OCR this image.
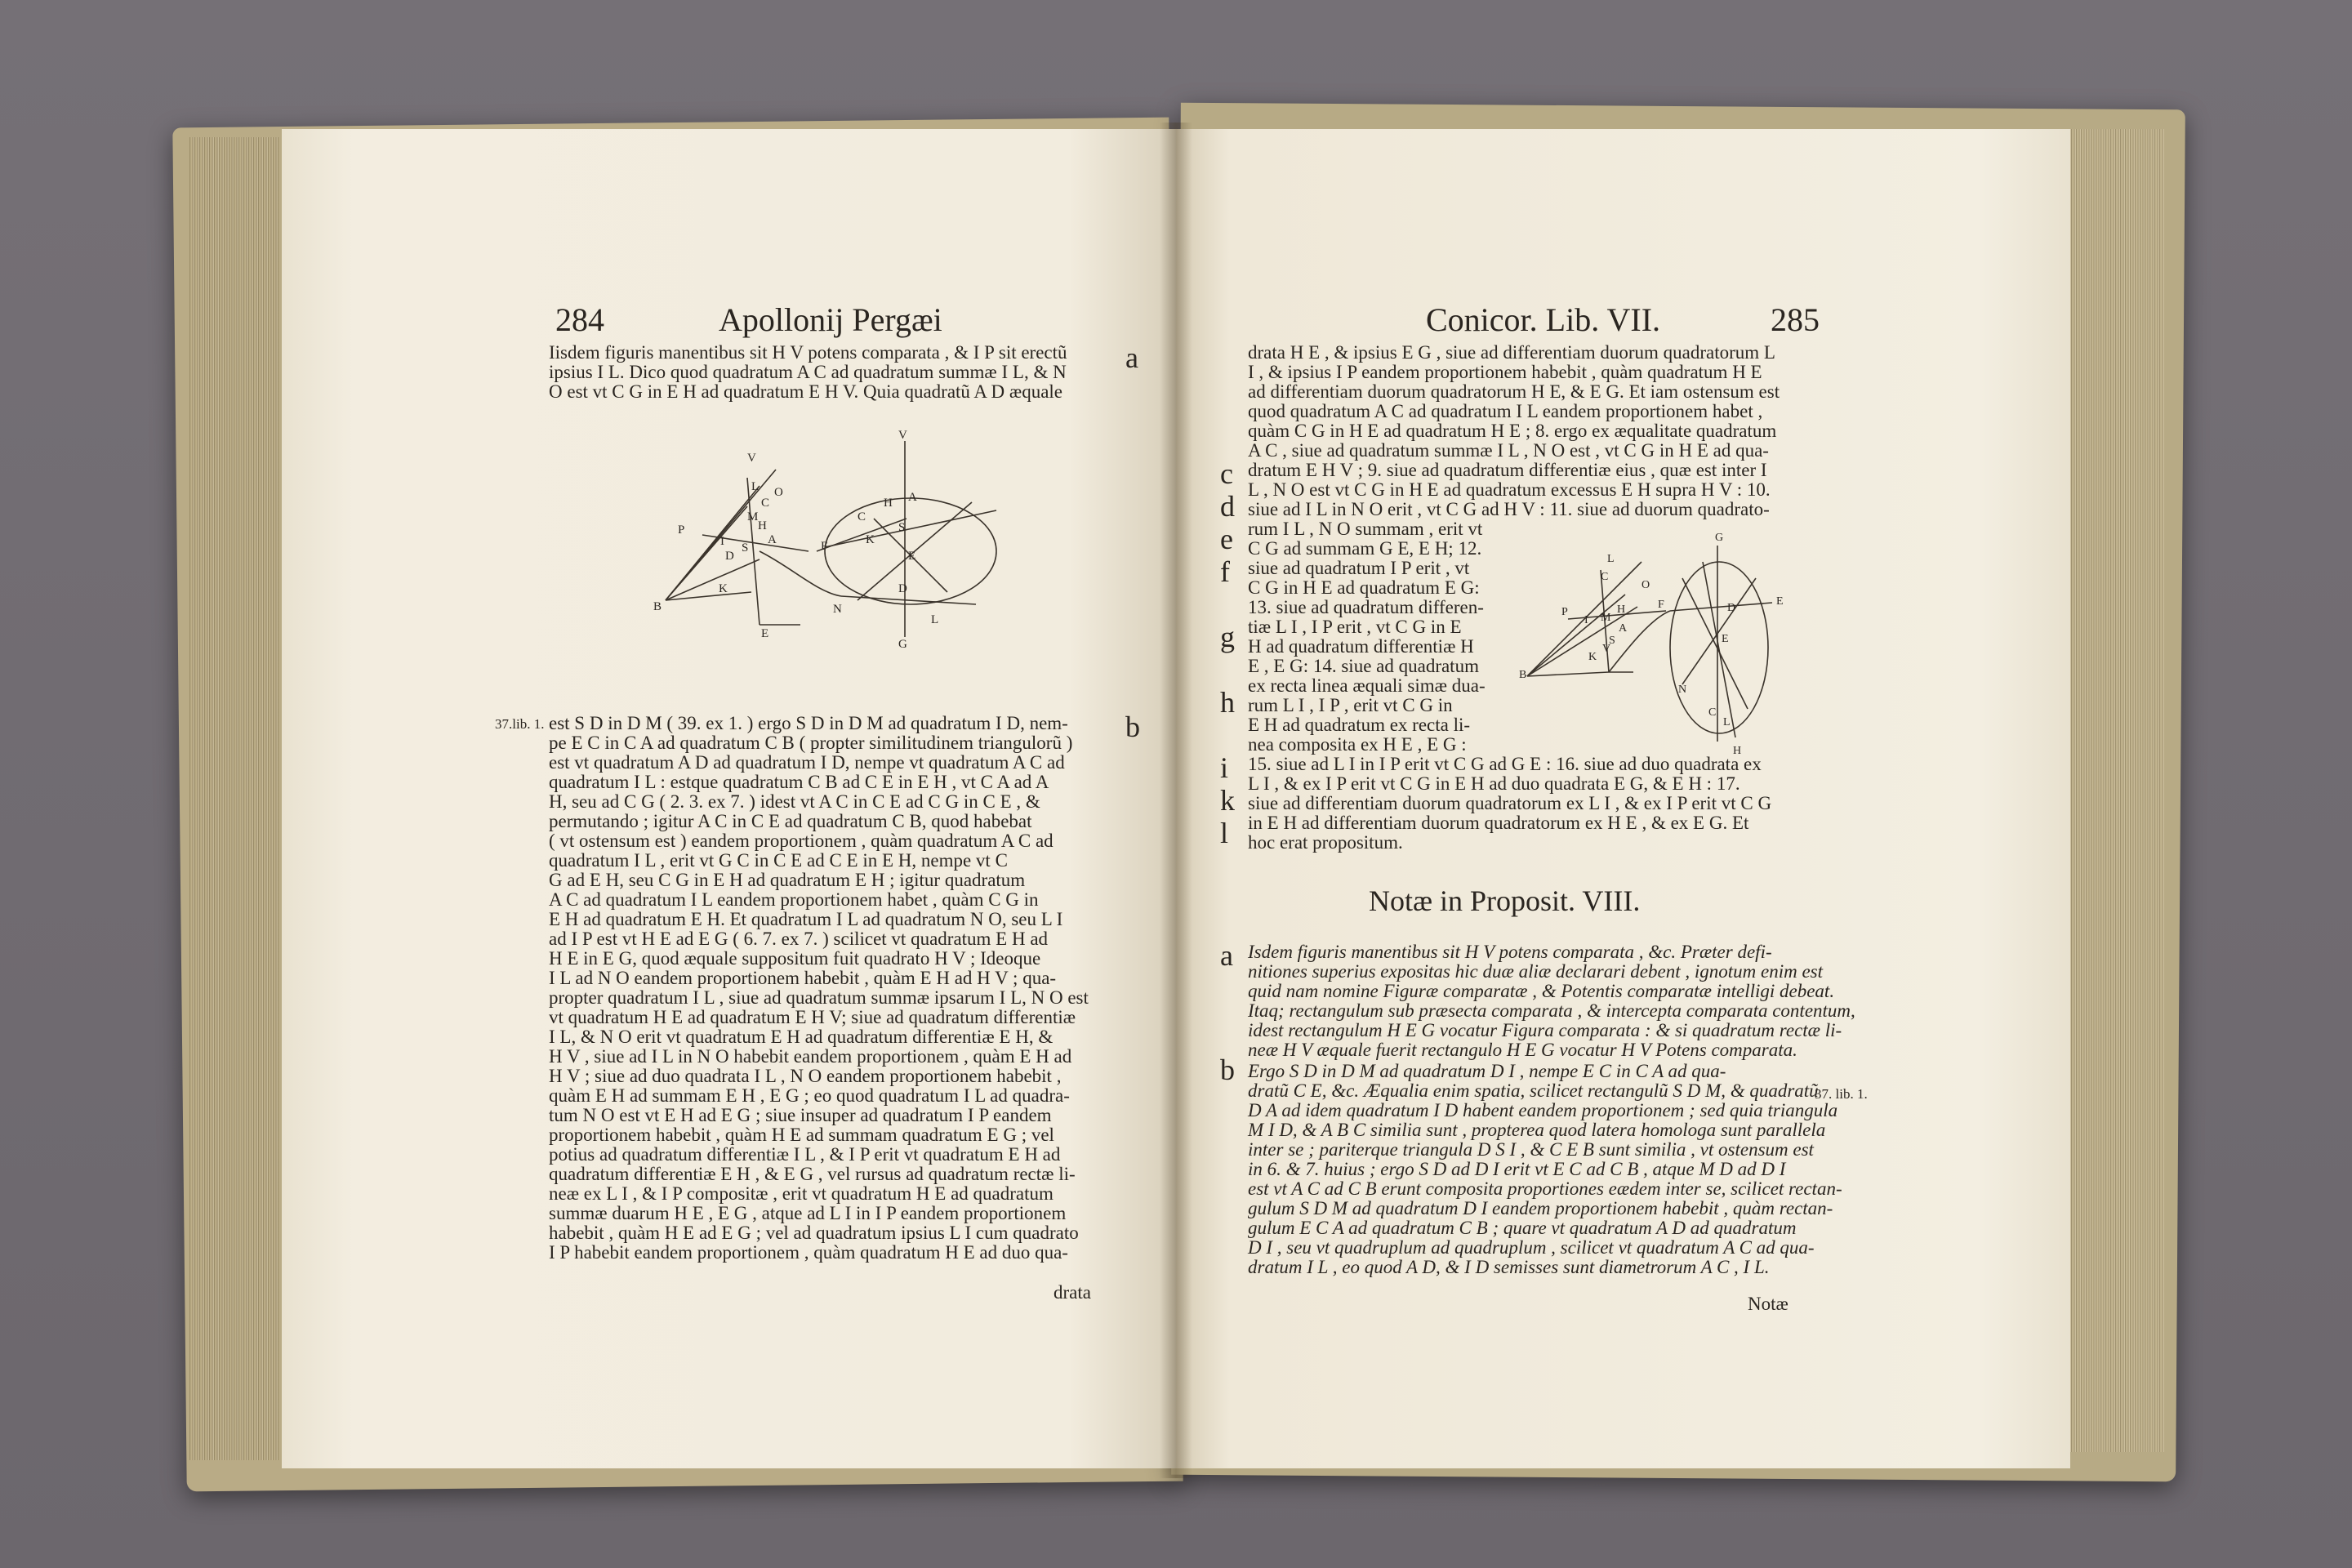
284	Apollonij Pergæi
Iisdem figuris manentibus sit H V potens comparata , & I P sit erectũ
ipsius I L. Dico quod quadratum A C ad quadratum summæ I L, & N
O est vt C G in E H ad quadratum E H V. Quia quadratũ A D æquale
a
V
L O
C
M
H
A
P
I S
D
K
E
B
F
N
G
V
H A
S
C
E
D
L
K
37.lib. 1.	b
est S D in D M ( 39. ex 1. ) ergo S D in D M ad quadratum I D, nem-
pe E C in C A ad quadratum C B ( propter similitudinem triangulorũ )
est vt quadratum A D ad quadratum I D, nempe vt quadratum A C ad
quadratum I L : estque quadratum C B ad C E in E H , vt C A ad A
H, seu ad C G ( 2. 3. ex 7. ) idest vt A C in C E ad C G in C E , &
permutando ; igitur A C in C E ad quadratum C B, quod habebat
( vt ostensum est ) eandem proportionem , quàm quadratum A C ad
quadratum I L , erit vt G C in C E ad C E in E H, nempe vt C
G ad E H, seu C G in E H ad quadratum E H ; igitur quadratum
A C ad quadratum I L eandem proportionem habet , quàm C G in
E H ad quadratum E H. Et quadratum I L ad quadratum N O, seu L I
ad I P est vt H E ad E G ( 6. 7. ex 7. ) scilicet vt quadratum E H ad
H E in E G, quod æquale suppositum fuit quadrato H V ; Ideoque
I L ad N O eandem proportionem habebit , quàm E H ad H V ; qua-
propter quadratum I L , siue ad quadratum summæ ipsarum I L, N O est
vt quadratum H E ad quadratum E H V; siue ad quadratum differentiæ
I L, & N O erit vt quadratum E H ad quadratum differentiæ E H, &
H V , siue ad I L in N O habebit eandem proportionem , quàm E H ad
H V ; siue ad duo quadrata I L , N O eandem proportionem habebit ,
quàm E H ad summam E H , E G ; eo quod quadratum I L ad quadra-
tum N O est vt E H ad E G ; siue insuper ad quadratum I P eandem
proportionem habebit , quàm H E ad summam quadratum E G ; vel
potius ad quadratum differentiæ I L , & I P erit vt quadratum E H ad
quadratum differentiæ E H , & E G , vel rursus ad quadratum rectæ li-
neæ ex L I , & I P compositæ , erit vt quadratum H E ad quadratum
summæ duarum H E , E G , atque ad L I in I P eandem proportionem
habebit , quàm H E ad E G ; vel ad quadratum ipsius L I cum quadrato
I P habebit eandem proportionem , quàm quadratum H E ad duo qua-
drata
Conicor. Lib. VII.	285
drata H E , & ipsius E G , siue ad differentiam duorum quadratorum L
I , & ipsius I P eandem proportionem habebit , quàm quadratum H E
ad differentiam duorum quadratorum H E, & E G. Et iam ostensum est
quod quadratum A C ad quadratum I L eandem proportionem habet ,
quàm C G in H E ad quadratum H E ; 8. ergo ex æqualitate quadratum
A C , siue ad quadratum summæ I L , N O est , vt C G in H E ad qua-
dratum E H V ; 9. siue ad quadratum differentiæ eius , quæ est inter I
L , N O est vt C G in H E ad quadratum excessus E H supra H V : 10.
siue ad I L in N O erit , vt C G ad H V : 11. siue ad duorum quadrato-
c
d
e
f

g

h

i
k
l
rum I L , N O summam , erit vt
C G ad summam G E, E H; 12.
siue ad quadratum I P erit , vt
C G in H E ad quadratum E G:
13. siue ad quadratum differen-
tiæ L I , I P erit , vt C G in E
H ad quadratum differentiæ H
E , E G: 14. siue ad quadratum
ex recta linea æquali simæ dua-
rum L I , I P , erit vt C G in
E H ad quadratum ex recta li-
nea composita ex H E , E G :
G
L
O
C
P
I M
H
A
S
F	E
B
K
V
D
E
N
L
H
C
15. siue ad L I in I P erit vt C G ad G E : 16. siue ad duo quadrata ex
L I , & ex I P erit vt C G in E H ad duo quadrata E G, & E H : 17.
siue ad differentiam duorum quadratorum ex L I , & ex I P erit vt C G
in E H ad differentiam duorum quadratorum ex H E , & ex E G. Et
hoc erat propositum.
Notæ in Proposit. VIII.
a Isdem figuris manentibus sit H V potens comparata , &c. Præter defi-
nitiones superius expositas hic duæ aliæ declarari debent , ignotum enim est
quid nam nomine Figuræ comparatæ , & Potentis comparatæ intelligi debeat.
Itaq; rectangulum sub præsecta comparata , & intercepta comparata contentum,
idest rectangulum H E G vocatur Figura comparata : & si quadratum rectæ li-
neæ H V æquale fuerit rectangulo H E G vocatur H V Potens comparata.
b Ergo S D in D M ad quadratum D I , nempe E C in C A ad qua-
dratũ C E, &c. Æqualia enim spatia, scilicet rectangulũ S D M, & quadratũ
D A ad idem quadratum I D habent eandem proportionem ; sed quia triangula
M I D, & A B C similia sunt , propterea quod latera homologa sunt parallela
inter se ; pariterque triangula D S I , & C E B sunt similia , vt ostensum est
in 6. & 7. huius ; ergo S D ad D I erit vt E C ad C B , atque M D ad D I
est vt A C ad C B erunt composita proportiones eædem inter se, scilicet rectan-
gulum S D M ad quadratum D I eandem proportionem habebit , quàm rectan-
gulum E C A ad quadratum C B ; quare vt quadratum A D ad quadratum
D I , seu vt quadruplum ad quadruplum , scilicet vt quadratum A C ad qua-
dratum I L , eo quod A D, & I D semisses sunt diametrorum A C , I L.
37. lib. 1.
Notæ
